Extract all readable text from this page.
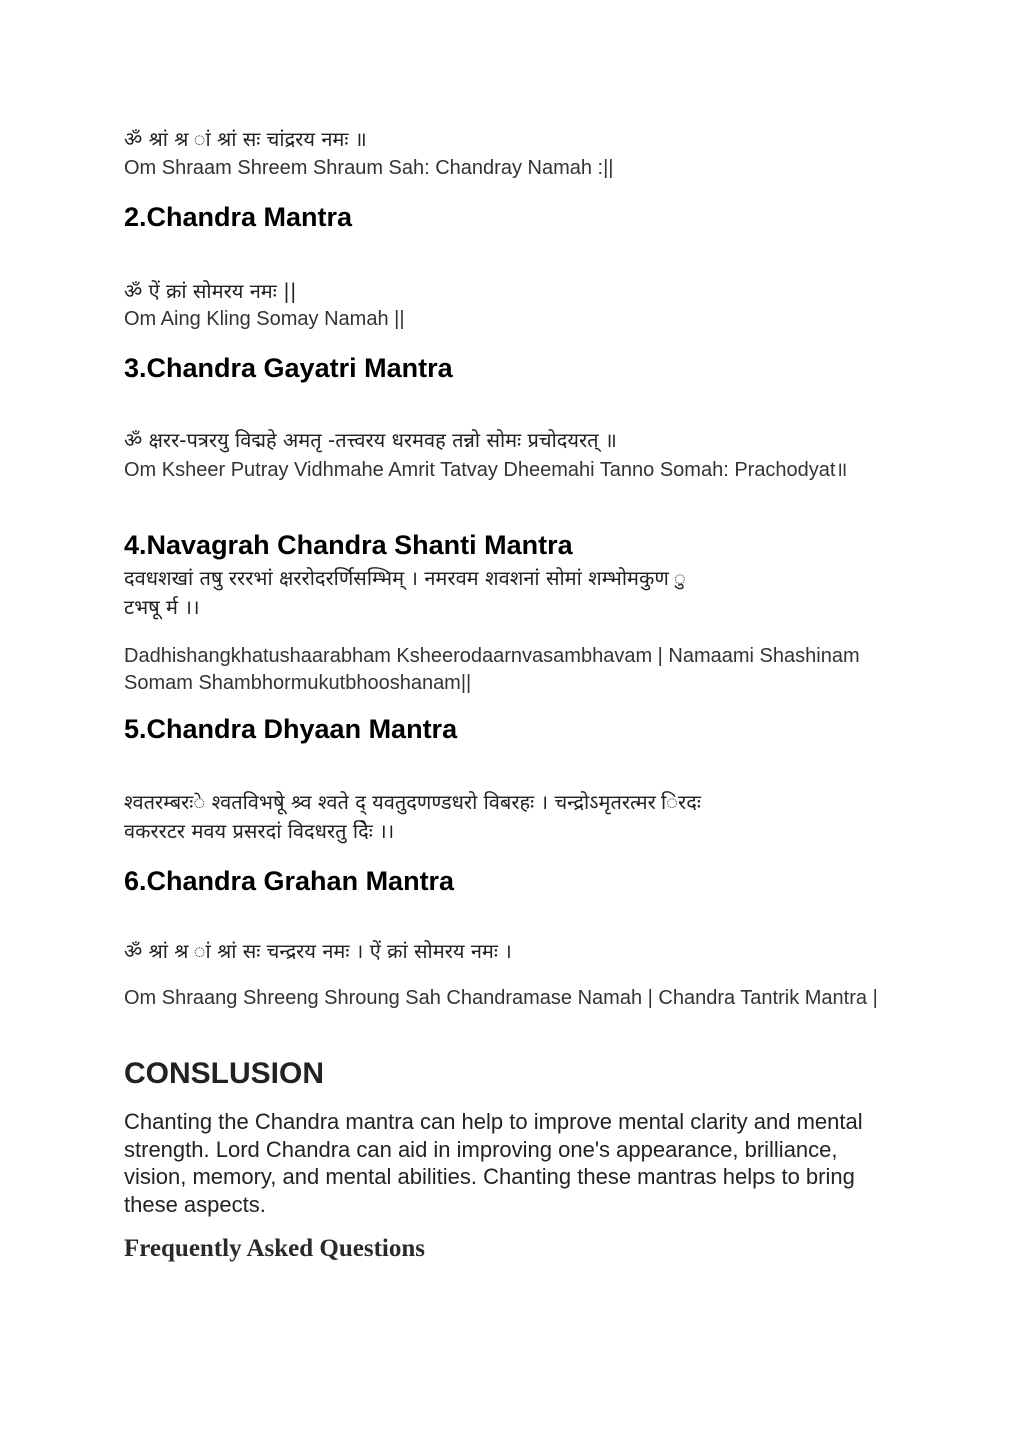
ॐ श्रां श्र ां श्रां सः चांद्ररय नमः ॥
Om Shraam Shreem Shraum Sah: Chandray Namah :||
2.Chandra Mantra
ॐ ऐं क्रां सोमरय नमः ||
Om Aing Kling Somay Namah ||
3.Chandra Gayatri Mantra
ॐ क्षरर-पत्ररयु विद्महे अमतृ -तत्त्वरय धरमवह तन्नो सोमः प्रचोदयरत् ॥
Om Ksheer Putray Vidhmahe Amrit Tatvay Dheemahi Tanno Somah: Prachodyat॥
4.Navagrah Chandra Shanti Mantra
दवधशखां तषु रररभां क्षररोदरर्णिसम्भिम् । नमरवम शवशनां सोमां शम्भोमकुण ु
टभषू र्म ।।
Dadhishangkhatushaarabham Ksheerodaarnvasambhavam | Namaami Shashinam Somam Shambhormukutbhooshanam||
5.Chandra Dhyaan Mantra
श्वतरम्बरःे श्वतविभषूे श्र्व श्वते द् यवतुदणण्डधरो विबरहः । चन्द्रोऽमृतरत्मर िरदः
वकररटर मवय प्रसरदां विदधरतु देिः ।।
6.Chandra Grahan Mantra
ॐ श्रां श्र ां श्रां सः चन्द्ररय नमः । ऐं क्रां सोमरय नमः ।
Om Shraang Shreeng Shroung Sah Chandramase Namah | Chandra Tantrik Mantra |
CONSLUSION
Chanting the Chandra mantra can help to improve mental clarity and mental strength. Lord Chandra can aid in improving one's appearance, brilliance, vision, memory, and mental abilities. Chanting these mantras helps to bring these aspects.
Frequently Asked Questions
